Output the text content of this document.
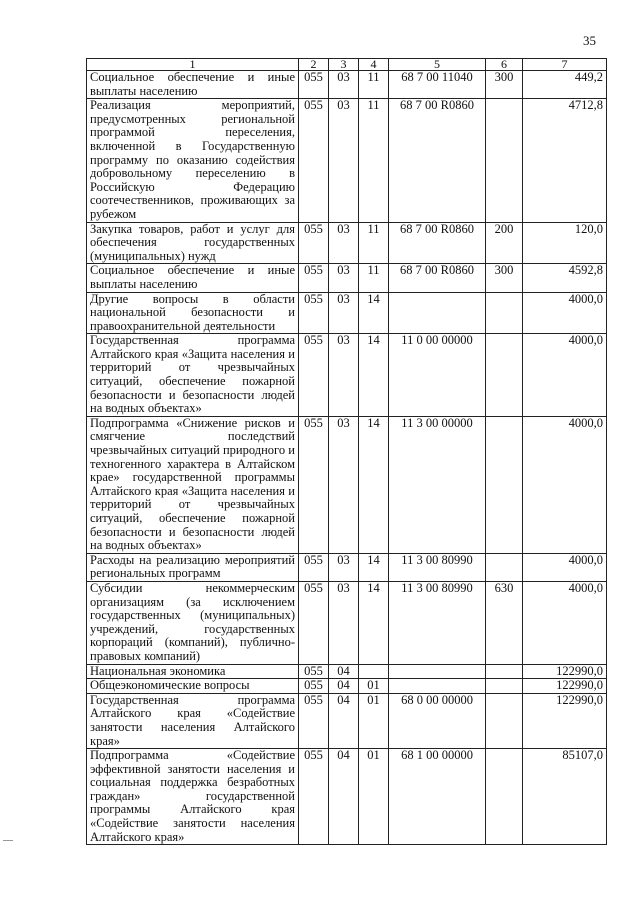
35
1	2	3	4	5	6	7
Социальное обеспечение и иные выплаты населению	055	03	11	68 7 00 11040	300	449,2
Реализация мероприятий, предусмотренных региональной программой переселения, включенной в Государственную программу по оказанию содействия добровольному переселению в Российскую Федерацию соотечественников, проживающих за рубежом	055	03	11	68 7 00 R0860		4712,8
Закупка товаров, работ и услуг для обеспечения государственных (муниципальных) нужд	055	03	11	68 7 00 R0860	200	120,0
Социальное обеспечение и иные выплаты населению	055	03	11	68 7 00 R0860	300	4592,8
Другие вопросы в области национальной безопасности и правоохранительной деятельности	055	03	14			4000,0
Государственная программа Алтайского края «Защита населения и территорий от чрезвычайных ситуаций, обеспечение пожарной безопасности и безопасности людей на водных объектах»	055	03	14	11 0 00 00000		4000,0
Подпрограмма «Снижение рисков и смягчение последствий чрезвычайных ситуаций природного и техногенного характера в Алтайском крае» государственной программы Алтайского края «Защита населения и территорий от чрезвычайных ситуаций, обеспечение пожарной безопасности и безопасности людей на водных объектах»	055	03	14	11 3 00 00000		4000,0
Расходы на реализацию мероприятий региональных программ	055	03	14	11 3 00 80990		4000,0
Субсидии некоммерческим организациям (за исключением государственных (муниципальных) учреждений, государственных корпораций (компаний), публично-правовых компаний)	055	03	14	11 3 00 80990	630	4000,0
Национальная экономика	055	04				122990,0
Общеэкономические вопросы	055	04	01			122990,0
Государственная программа Алтайского края «Содействие занятости населения Алтайского края»	055	04	01	68 0 00 00000		122990,0
Подпрограмма «Содействие эффективной занятости населения и социальная поддержка безработных граждан» государственной программы Алтайского края «Содействие занятости населения Алтайского края»	055	04	01	68 1 00 00000		85107,0
